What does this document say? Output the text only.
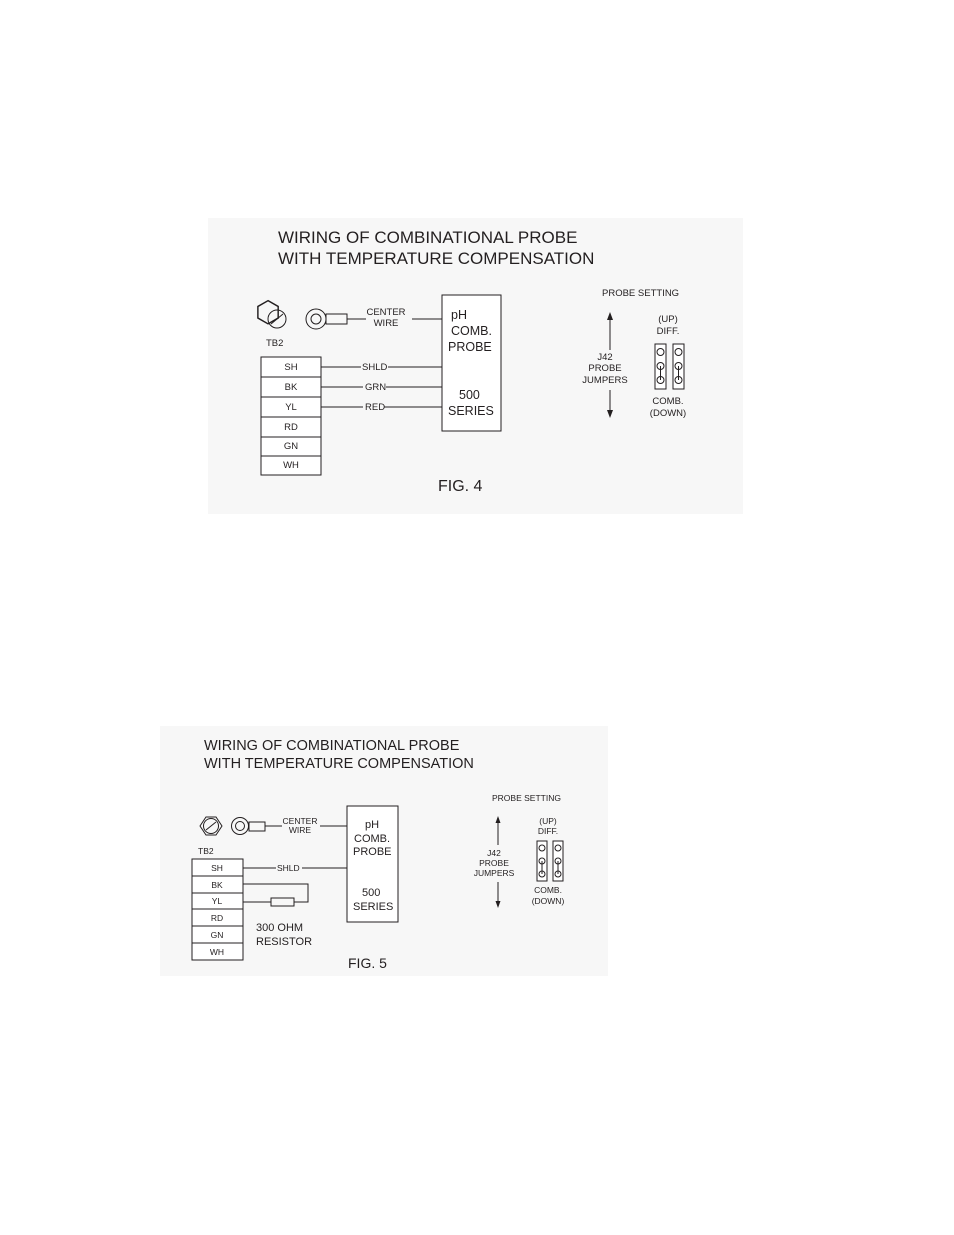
WIRING OF COMBINATIONAL PROBE
WITH TEMPERATURE COMPENSATION
TB2
CENTER
WIRE
SH
BK
YL
RD
GN
WH
SHLD
GRN
RED
pH
COMB.
PROBE
500
SERIES
PROBE SETTING
J42
PROBE
JUMPERS
(UP)
DIFF.
COMB.
(DOWN)
FIG. 4
WIRING OF COMBINATIONAL PROBE
WITH TEMPERATURE COMPENSATION
TB2
CENTER
WIRE
SH
BK
YL
RD
GN
WH
SHLD
300 OHM
RESISTOR
pH
COMB.
PROBE
500
SERIES
PROBE SETTING
J42
PROBE
JUMPERS
(UP)
DIFF.
COMB.
(DOWN)
FIG. 5
